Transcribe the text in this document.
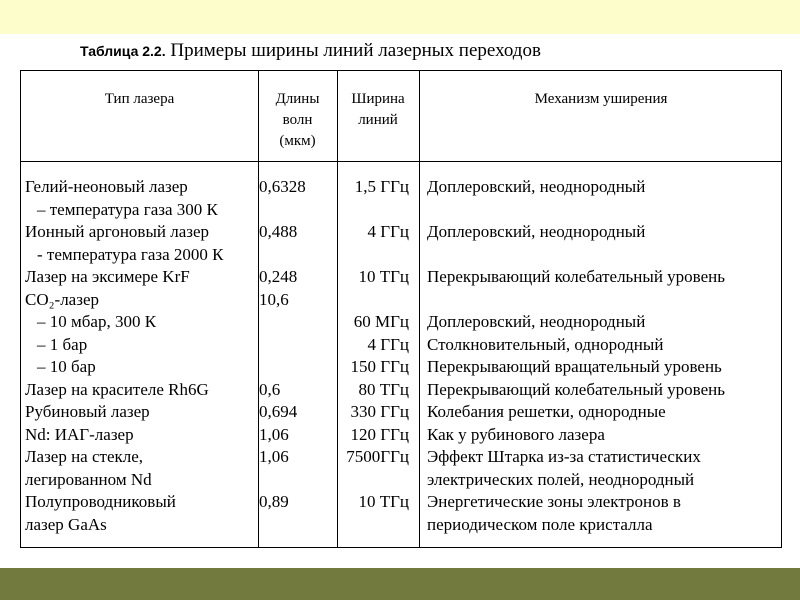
Таблица 2.2. Примеры ширины линий лазерных переходов
Тип лазера	Длины
волн
(мкм)
Ширина
линий
Механизм уширения
Гелий-неоновый лазер
– температура газа 300 К
Ионный аргоновый лазер
- температура газа 2000 К
Лазер на эксимере KrF
CO₂-лазер
– 10 мбар, 300 К
– 1 бар
– 10 бар
Лазер на красителе Rh6G
Рубиновый лазер
Nd: ИАГ-лазер
Лазер на стекле,
легированном Nd
Полупроводниковый
лазер GaAs
0,6328
0,488
0,248
10,6
0,6
0,694
1,06
1,06
0,89
1,5 ГГц
4 ГГц
10 ТГц
60 МГц
4 ГГц
150 ГГц
80 ТГц
330 ГГц
120 ГГц
7500ГГц
10 ТГц
Доплеровский, неоднородный
Доплеровский, неоднородный
Перекрывающий колебательный уровень
Доплеровский, неоднородный
Столкновительный, однородный
Перекрывающий вращательный уровень
Перекрывающий колебательный уровень
Колебания решетки, однородные
Как у рубинового лазера
Эффект Штарка из-за статистических
электрических полей, неоднородный
Энергетические зоны электронов в
периодическом поле кристалла
